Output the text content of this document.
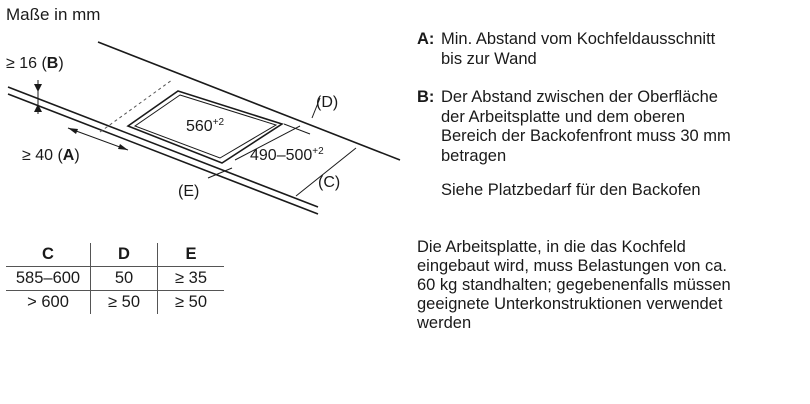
Maße in mm
≥ 16 (B)
≥ 40 (A)
(D)
(C)
(E)
$560^{+2}$
$490-500^{+2}$
A: Min. Abstand vom Kochfeldausschnitt
bis zur Wand
B: Der Abstand zwischen der Oberfläche
der Arbeitsplatte und dem oberen
Bereich der Backofenfront muss 30 mm
betragen
Siehe Platzbedarf für den Backofen
Die Arbeitsplatte, in die das Kochfeld
eingebaut wird, muss Belastungen von ca.
60 kg standhalten; gegebenenfalls müssen
geeignete Unterkonstruktionen verwendet
werden
C	D	E
585–600	50	≥ 35
> 600	≥ 50	≥ 50
